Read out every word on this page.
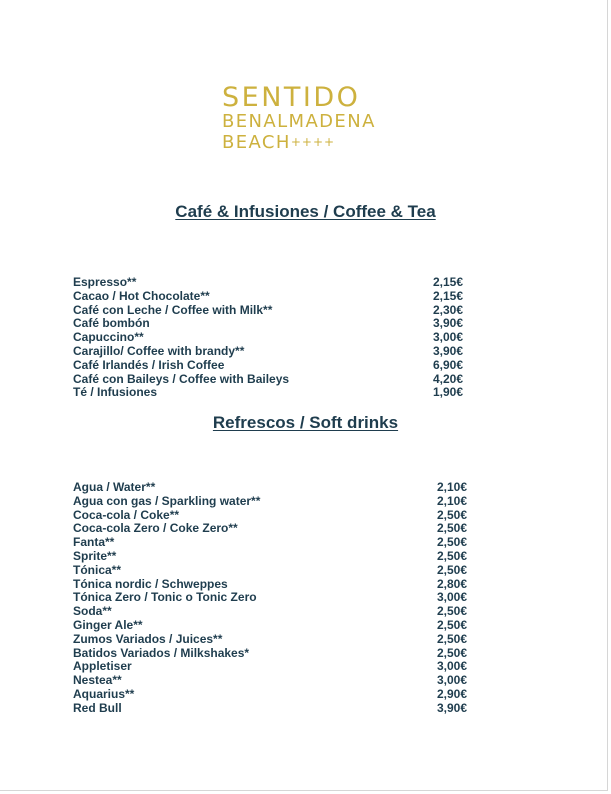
SENTIDO
BENALMADENA
BEACH++++
Café & Infusiones / Coffee & Tea
Espresso**	2,15€
Cacao / Hot Chocolate**	2,15€
Café con Leche / Coffee with Milk**	2,30€
Café bombón	3,90€
Capuccino**	3,00€
Carajillo/ Coffee with brandy**	3,90€
Café Irlandés / Irish Coffee	6,90€
Café con Baileys / Coffee with Baileys	4,20€
Té / Infusiones	1,90€
Refrescos / Soft drinks
Agua / Water**	2,10€
Agua con gas / Sparkling water**	2,10€
Coca-cola / Coke**	2,50€
Coca-cola Zero / Coke Zero**	2,50€
Fanta**	2,50€
Sprite**	2,50€
Tónica**	2,50€
Tónica nordic / Schweppes	2,80€
Tónica Zero / Tonic o Tonic Zero	3,00€
Soda**	2,50€
Ginger Ale**	2,50€
Zumos Variados / Juices**	2,50€
Batidos Variados / Milkshakes*	2,50€
Appletiser	3,00€
Nestea**	3,00€
Aquarius**	2,90€
Red Bull	3,90€
